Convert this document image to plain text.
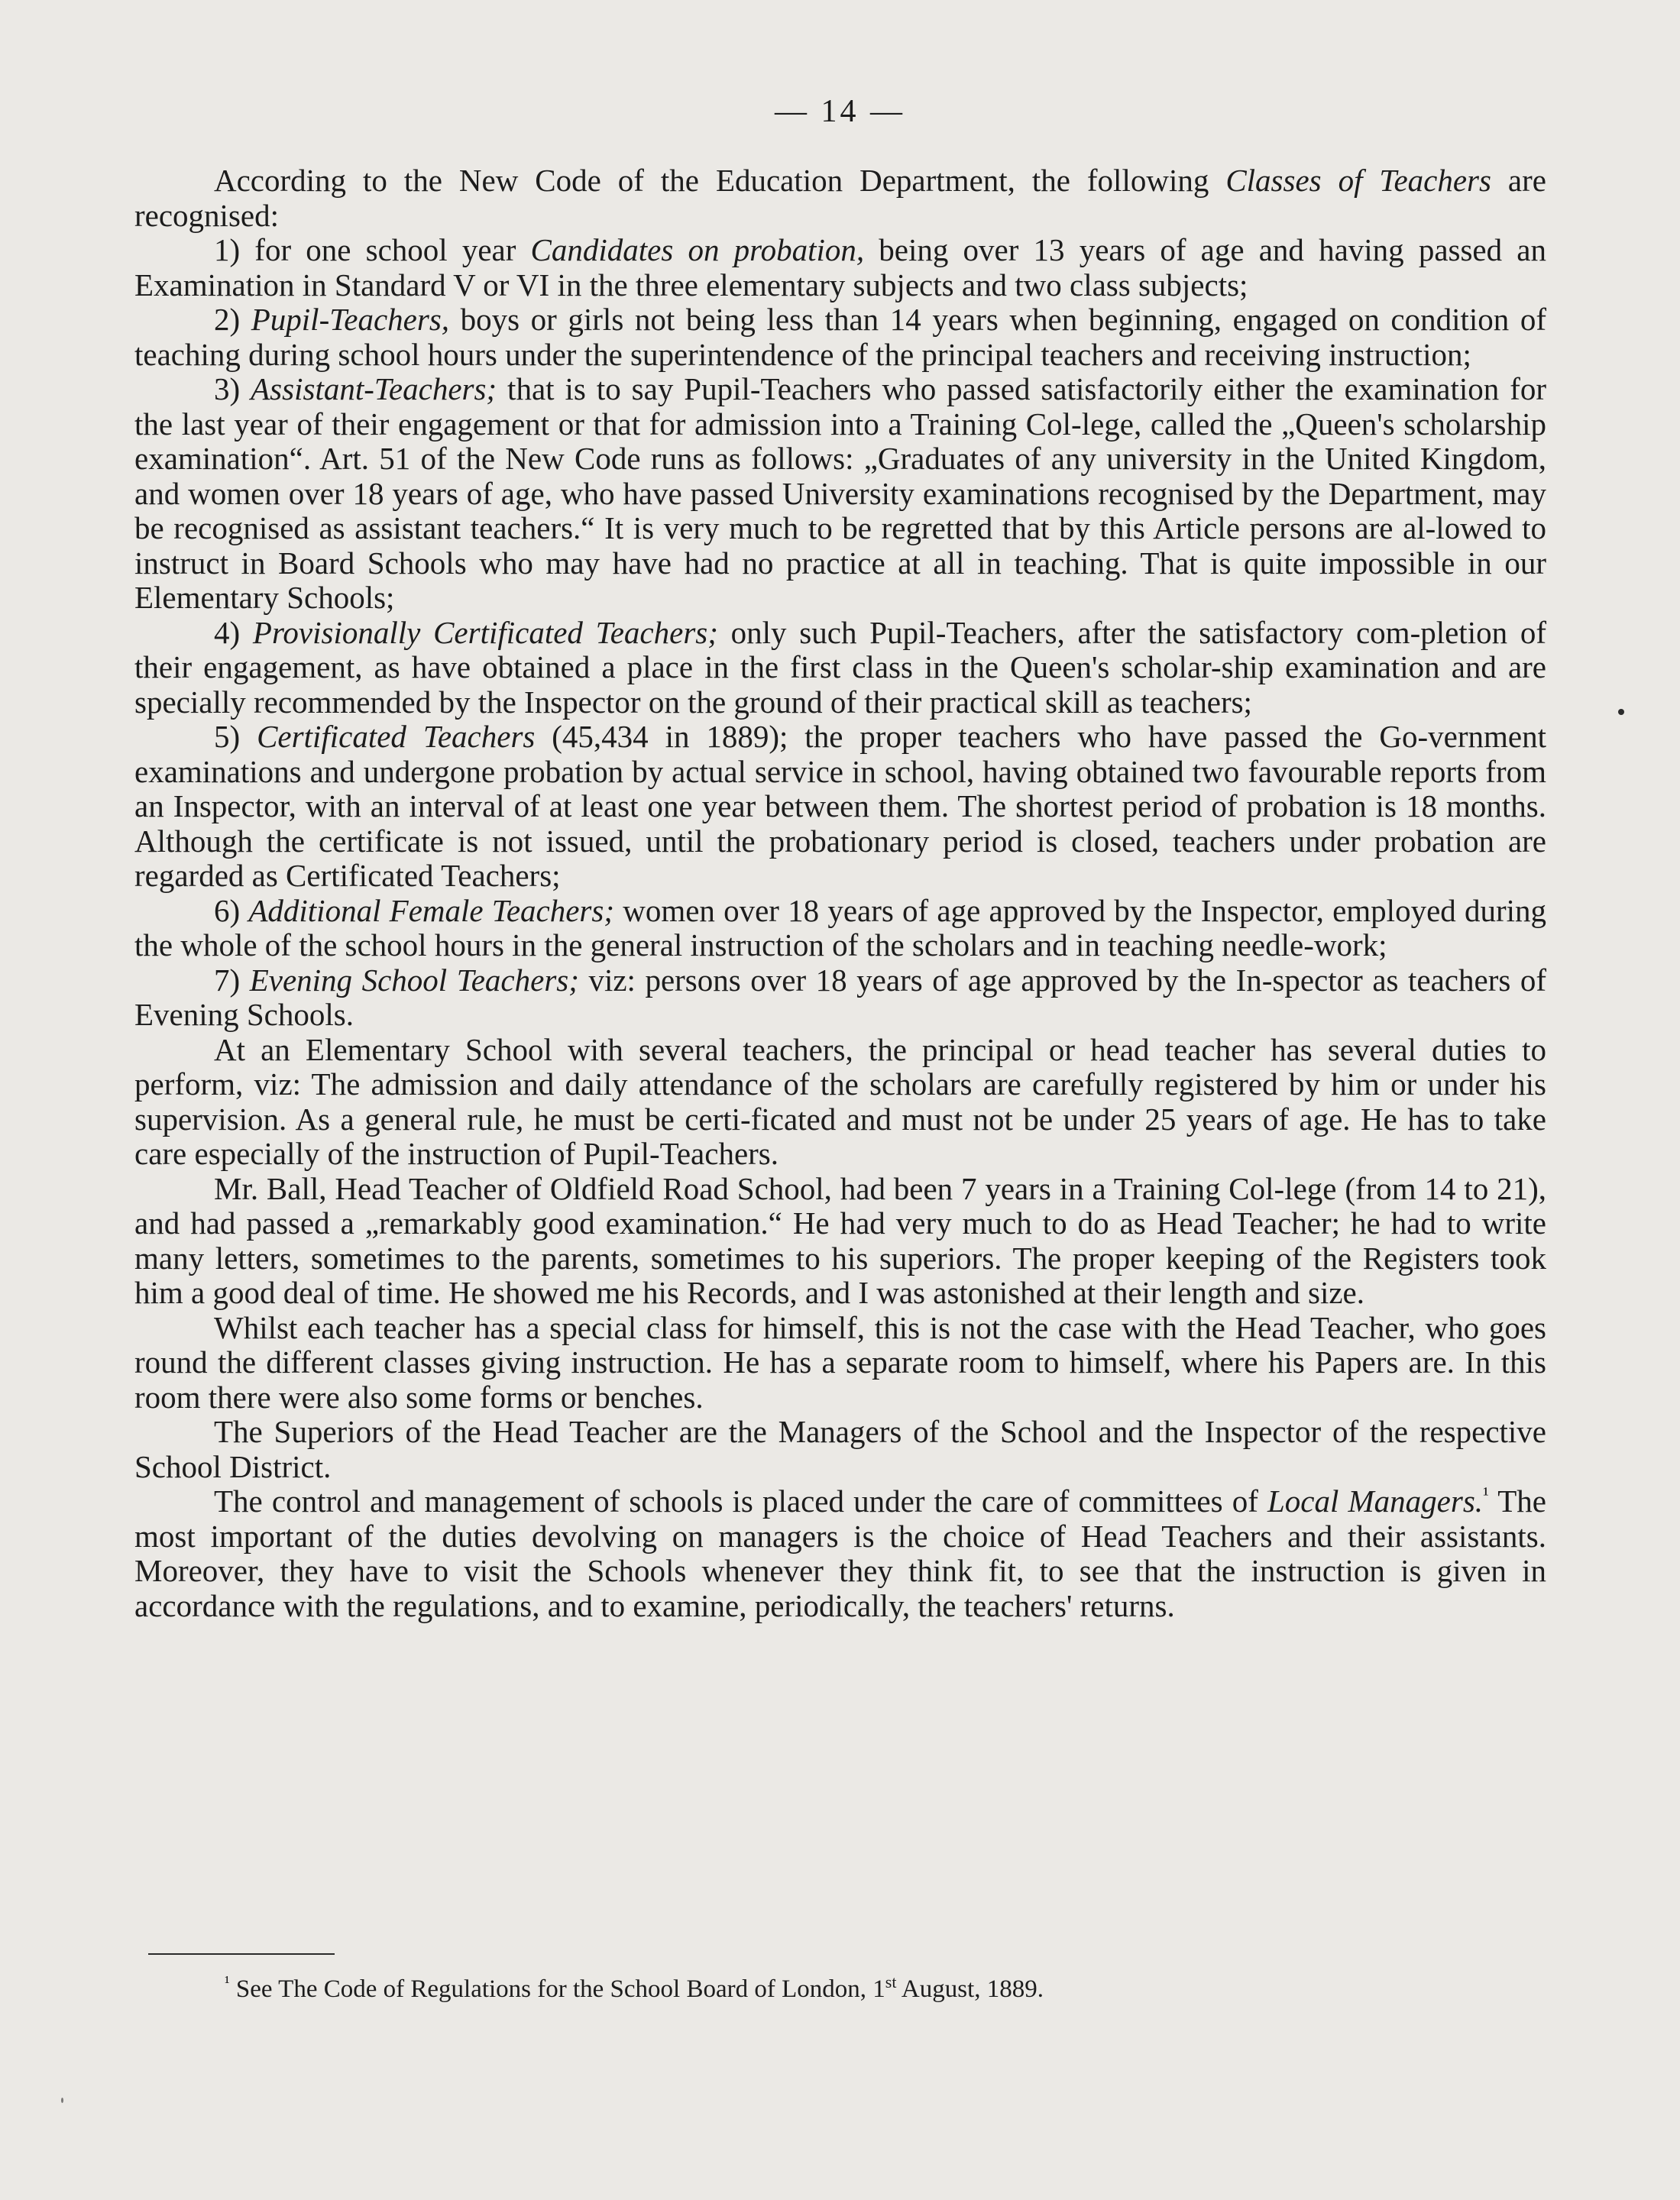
— 14 —

According to the New Code of the Education Department, the following Classes of Teachers are recognised:

1) for one school year Candidates on probation, being over 13 years of age and having passed an Examination in Standard V or VI in the three elementary subjects and two class subjects;

2) Pupil-Teachers, boys or girls not being less than 14 years when beginning, engaged on condition of teaching during school hours under the superintendence of the principal teachers and receiving instruction;

3) Assistant-Teachers; that is to say Pupil-Teachers who passed satisfactorily either the examination for the last year of their engagement or that for admission into a Training Col-lege, called the „Queen's scholarship examination“. Art. 51 of the New Code runs as follows: „Graduates of any university in the United Kingdom, and women over 18 years of age, who have passed University examinations recognised by the Department, may be recognised as assistant teachers.“ It is very much to be regretted that by this Article persons are al-lowed to instruct in Board Schools who may have had no practice at all in teaching. That is quite impossible in our Elementary Schools;

4) Provisionally Certificated Teachers; only such Pupil-Teachers, after the satisfactory com-pletion of their engagement, as have obtained a place in the first class in the Queen's scholar-ship examination and are specially recommended by the Inspector on the ground of their practical skill as teachers;

5) Certificated Teachers (45,434 in 1889); the proper teachers who have passed the Go-vernment examinations and undergone probation by actual service in school, having obtained two favourable reports from an Inspector, with an interval of at least one year between them. The shortest period of probation is 18 months. Although the certificate is not issued, until the probationary period is closed, teachers under probation are regarded as Certificated Teachers;

6) Additional Female Teachers; women over 18 years of age approved by the Inspector, employed during the whole of the school hours in the general instruction of the scholars and in teaching needle-work;

7) Evening School Teachers; viz: persons over 18 years of age approved by the In-spector as teachers of Evening Schools.

At an Elementary School with several teachers, the principal or head teacher has several duties to perform, viz: The admission and daily attendance of the scholars are carefully registered by him or under his supervision. As a general rule, he must be certi-ficated and must not be under 25 years of age. He has to take care especially of the instruction of Pupil-Teachers.

Mr. Ball, Head Teacher of Oldfield Road School, had been 7 years in a Training Col-lege (from 14 to 21), and had passed a „remarkably good examination.“ He had very much to do as Head Teacher; he had to write many letters, sometimes to the parents, sometimes to his superiors. The proper keeping of the Registers took him a good deal of time. He showed me his Records, and I was astonished at their length and size.

Whilst each teacher has a special class for himself, this is not the case with the Head Teacher, who goes round the different classes giving instruction. He has a separate room to himself, where his Papers are. In this room there were also some forms or benches.

The Superiors of the Head Teacher are the Managers of the School and the Inspector of the respective School District.

The control and management of schools is placed under the care of committees of Local Managers.$^{^1}$ The most important of the duties devolving on managers is the choice of Head Teachers and their assistants. Moreover, they have to visit the Schools whenever they think fit, to see that the instruction is given in accordance with the regulations, and to examine, periodically, the teachers' returns.

$^{^1}$ See The Code of Regulations for the School Board of London, 1st August, 1889.
